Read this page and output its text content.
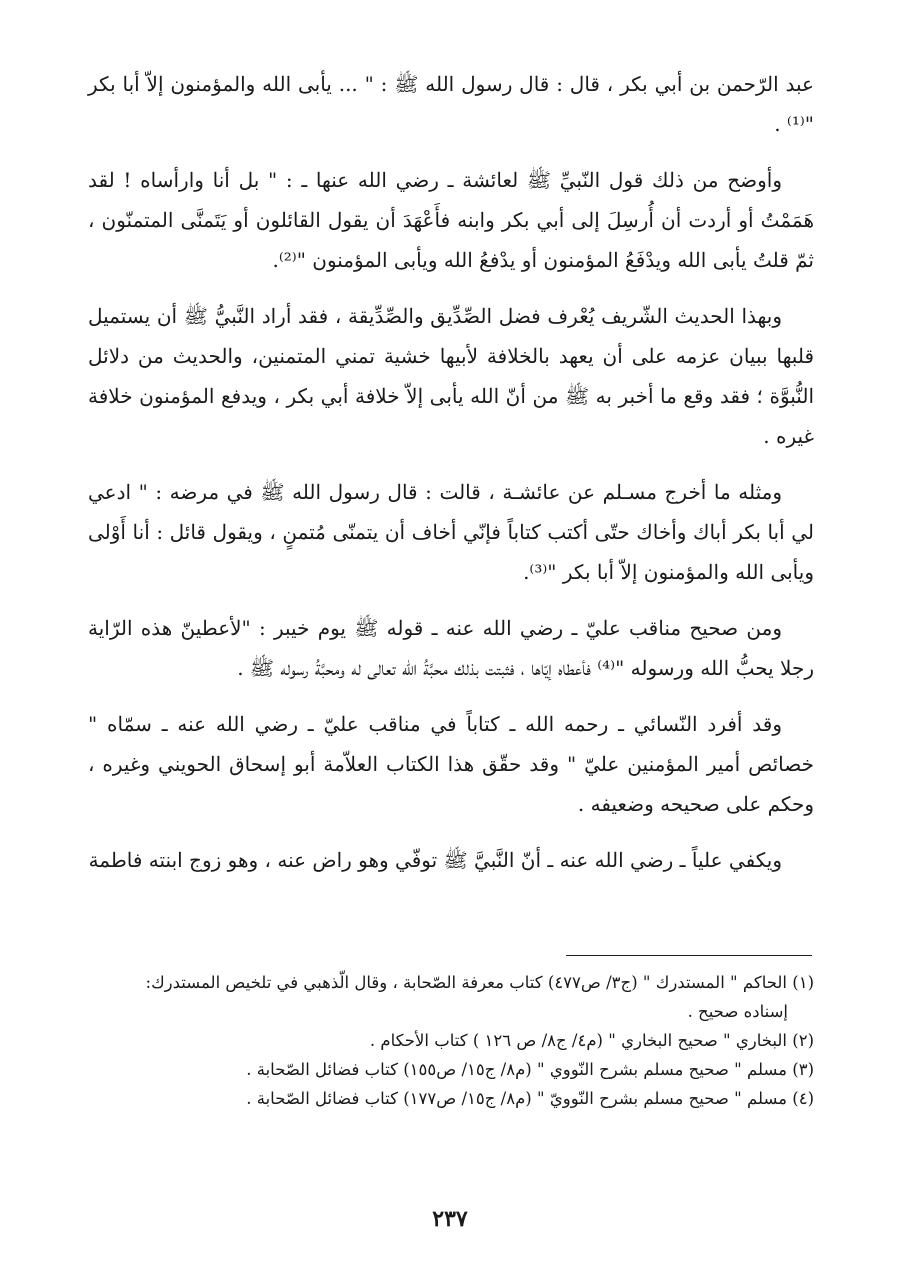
عبد الرّحمن بن أبي بكر ، قال : قال رسول الله ﷺ : " ... يأبى الله والمؤمنون إلاّ أبا بكر "⁽¹⁾ .

وأوضح من ذلك قول النّبيِّ ﷺ لعائشة ـ رضي الله عنها ـ : " بل أنا وارأساه ! لقد هَمَمْتُ أو أردت أن أُرسِلَ إلى أبي بكر وابنه فأَعْهَدَ أن يقول القائلون أو يَتَمنَّى المتمنّون ، ثمّ قلتُ يأبى الله ويدْفَعُ المؤمنون أو يدْفعُ الله ويأبى المؤمنون "⁽²⁾.

وبهذا الحديث الشّريف يُعْرف فضل الصِّدِّيق والصِّدِّيقة ، فقد أراد النَّبيُّ ﷺ أن يستميل قلبها ببيان عزمه على أن يعهد بالخلافة لأبيها خشية تمني المتمنين، والحديث من دلائل النُّبوَّة ؛ فقد وقع ما أخبر به ﷺ من أنّ الله يأبى إلاّ خلافة أبي بكر ، ويدفع المؤمنون خلافة غيره .

ومثله ما أخرج مسـلم عن عائشـة ، قالت : قال رسول الله ﷺ في مرضه : " ادعي لي أبا بكر أباك وأخاك حتّى أكتب كتاباً فإنّي أخاف أن يتمنّى مُتمنٍ ، ويقول قائل : أنا أَوْلى ويأبى الله والمؤمنون إلاّ أبا بكر "⁽³⁾.

ومن صحيح مناقب عليّ ـ رضي الله عنه ـ قوله ﷺ يوم خيبر : "لأعطينّ هذه الرّاية رجلا يحبُّ الله ورسوله "⁽⁴⁾ فأعطاه إيّاها ، فثبتت بذلك محبَّةُ الله تعالى له ومحبَّةُ رسوله ﷺ .

وقد أفرد النّسائي ـ رحمه الله ـ كتاباً في مناقب عليّ ـ رضي الله عنه ـ سمّاه " خصائص أمير المؤمنين عليّ " وقد حقّق هذا الكتاب العلاّمة أبو إسحاق الحويني وغيره ، وحكم على صحيحه وضعيفه .

ويكفي علياً ـ رضي الله عنه ـ أنّ النَّبيَّ ﷺ توفّي وهو راض عنه ، وهو زوج ابنته فاطمة

(١) الحاكم " المستدرك " (ج٣/ ص٤٧٧) كتاب معرفة الصّحابة ، وقال الّذهبي في تلخيص المستدرك:

إسناده صحيح .

(٢) البخاري " صحيح البخاري " (م٤/ ج٨/ ص ١٢٦ ) كتاب الأحكام .

(٣) مسلم " صحيح مسلم بشرح النّووي " (م٨/ ج١٥/ ص١٥٥) كتاب فضائل الصّحابة .

(٤) مسلم " صحيح مسلم بشرح النّوويّ " (م٨/ ج١٥/ ص١٧٧) كتاب فضائل الصّحابة .

٢٣٧
